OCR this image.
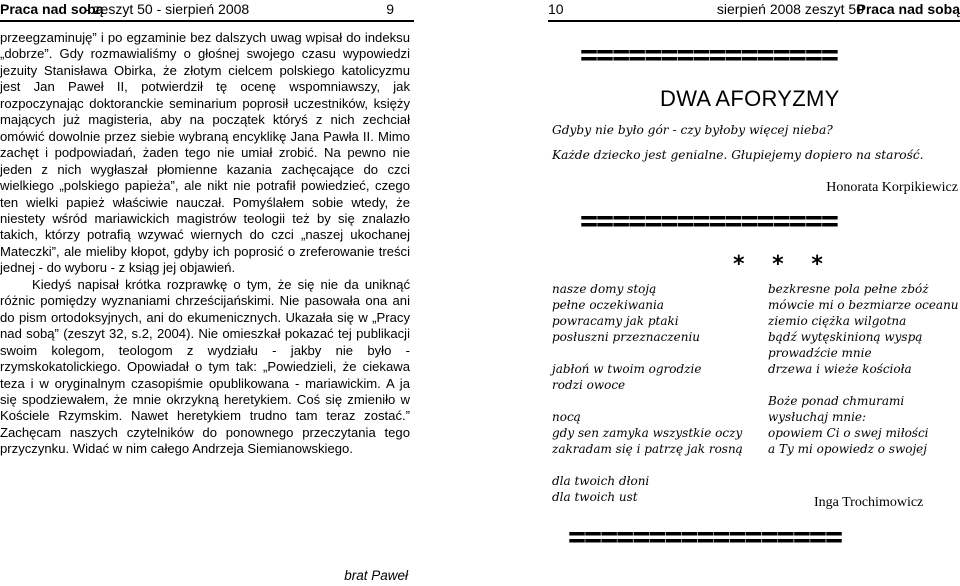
Praca nad sobą
- zeszyt 50 - sierpień 2008	9

przeegzaminuję” i po egzaminie bez dalszych uwag wpisał do indeksu „dobrze”. Gdy rozmawialiśmy o głośnej swojego czasu wypowiedzi jezuity Stanisława Obirka, że złotym cielcem polskiego katolicyzmu jest Jan Paweł II, potwierdził tę ocenę wspomniawszy, jak rozpoczynając doktoranckie seminarium poprosił uczestników, księży mających już magisteria, aby na początek któryś z nich zechciał omówić dowolnie przez siebie wybraną encyklikę Jana Pawła II. Mimo zachęt i podpowiadań, żaden tego nie umiał zrobić. Na pewno nie jeden z nich wygłaszał płomienne kazania zachęcające do czci wielkiego „polskiego papieża”, ale nikt nie potrafił powiedzieć, czego ten wielki papież właściwie nauczał. Pomyślałem sobie wtedy, że niestety wśród mariawickich magistrów teologii też by się znalazło takich, którzy potrafią wzywać wiernych do czci „naszej ukochanej Mateczki”, ale mieliby kłopot, gdyby ich poprosić o zreferowanie treści jednej - do wyboru - z ksiąg jej objawień.

Kiedyś napisał krótka rozprawkę o tym, że się nie da uniknąć różnic pomiędzy wyznaniami chrześcijańskimi. Nie pasowała ona ani do pism ortodoksyjnych, ani do ekumenicznych. Ukazała się w „Pracy nad sobą” (zeszyt 32, s.2, 2004). Nie omieszkał pokazać tej publikacji swoim kolegom, teologom z wydziału - jakby nie było - rzymskokatolickiego. Opowiadał o tym tak: „Powiedzieli, że ciekawa teza i w oryginalnym czasopiśmie opublikowana - mariawickim. A ja się spodziewałem, że mnie okrzykną heretykiem. Coś się zmieniło w Kościele Rzymskim. Nawet heretykiem trudno tam teraz zostać.” Zachęcam naszych czytelników do ponownego przeczytania tego przyczynku. Widać w nim całego Andrzeja Siemianowskiego.

brat Paweł
sierpień 2008 zeszyt 50
Praca nad sobą
================
DWA AFORYZMY
Gdyby nie było gór - czy byłoby więcej nieba?
Każde dziecko jest genialne. Głupiejemy dopiero na starość.
Honorata Korpikiewicz
================
* * *
nasze domy stoją
pełne oczekiwania
powracamy jak ptaki
posłuszni przeznaczeniu
jabłoń w twoim ogrodzie
rodzi owoce
nocą
gdy sen zamyka wszystkie oczy
zakradam się i patrzę jak rosną
dla twoich dłoni
dla twoich ust
bezkresne pola pełne zbóż
mówcie mi o bezmiarze oceanu
ziemio ciężka wilgotna
bądź wytęskinioną wyspą
prowadźcie mnie
drzewa i wieże kościoła
Boże ponad chmurami
wysłuchaj mnie:
opowiem Ci o swej miłości
a Ty mi opowiedz o swojej
Inga Trochimowicz
=================
10
